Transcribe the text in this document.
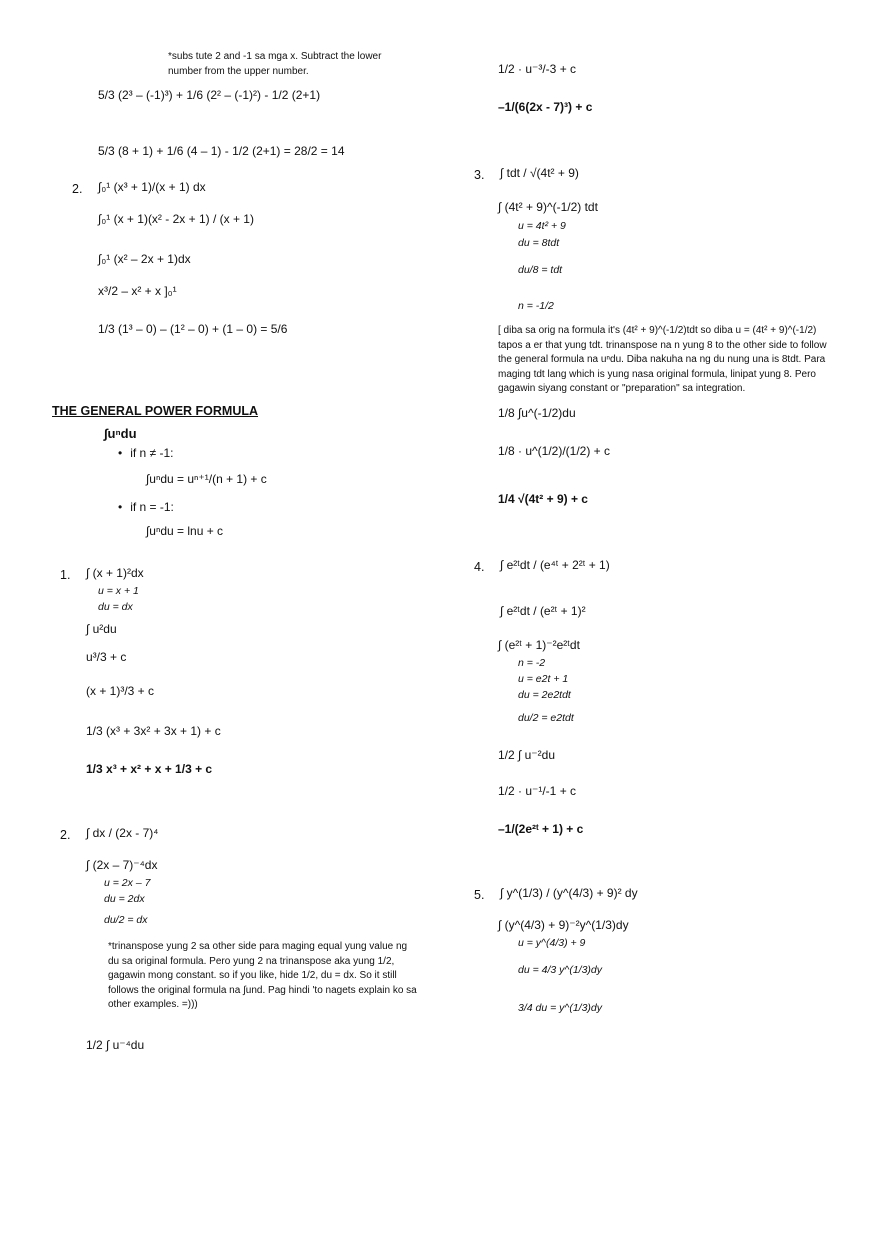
*subs tute 2 and -1 sa mga x. Subtract the lower number from the upper number.
5/3 (2³ – (-1)³) + 1/6 (2² – (-1)²) - 1/2 (2+1)
5/3 (8 + 1) + 1/6 (4 – 1) - 1/2 (2+1) = 28/2 = 14
2. ∫₀¹ (x³ + 1)/(x + 1) dx
∫₀¹ (x + 1)(x² - 2x + 1) / (x + 1)
∫₀¹ (x² – 2x + 1)dx
x³/2 – x² + x ]₀¹
1/3 (1³ – 0) – (1² – 0) + (1 – 0) = 5/6
THE GENERAL POWER FORMULA
∫uⁿdu
• if n ≠ -1:
∫uⁿdu = uⁿ⁺¹/(n + 1) + c
• if n = -1:
∫uⁿdu = lnu + c
1. ∫ (x + 1)²dx
u = x + 1
du = dx
∫ u²du
u³/3 + c
(x + 1)³/3 + c
1/3 (x³ + 3x² + 3x + 1) + c
1/3 x³ + x² + x + 1/3 + c
2. ∫ dx / (2x - 7)⁴
∫ (2x – 7)⁻⁴dx
u = 2x – 7
du = 2dx
du/2 = dx
*trinanspose yung 2 sa other side para maging equal yung value ng du sa original formula. Pero yung 2 na trinanspose aka yung 1/2, gagawin mong constant. so if you like, hide 1/2, du = dx. So it still follows the original formula na ∫und. Pag hindi 'to nagets explain ko sa other examples. =)))
1/2 ∫ u⁻⁴du
1/2 · u⁻³/-3 + c
–1/(6(2x - 7)³) + c
3. ∫ tdt / √(4t² + 9)
∫ (4t² + 9)^(-1/2) tdt
u = 4t² + 9
du = 8tdt
du/8 = tdt
n = -1/2
[ diba sa orig na formula it's (4t² + 9)^(-1/2)tdt so diba u = (4t² + 9)^(-1/2) tapos a er that yung tdt. trinanspose na n yung 8 to the other side to follow the general formula na uⁿdu. Diba nakuha na ng du nung una is 8tdt. Para maging tdt lang which is yung nasa original formula, linipat yung 8. Pero gagawin siyang constant or "preparation" sa integration.
1/8 ∫u^(-1/2)du
1/8 · u^(1/2)/(1/2) + c
1/4 √(4t² + 9) + c
4. ∫ e²ᵗdt / (e⁴ᵗ + 2²ᵗ + 1)
∫ e²ᵗdt / (e²ᵗ + 1)²
∫ (e²ᵗ + 1)⁻²e²ᵗdt
n = -2
u = e2t + 1
du = 2e2tdt
du/2 = e2tdt
1/2 ∫ u⁻²du
1/2 · u⁻¹/-1 + c
–1/(2e²ᵗ + 1) + c
5. ∫ y^(1/3) / (y^(4/3) + 9)² dy
∫ (y^(4/3) + 9)⁻²y^(1/3)dy
u = y^(4/3) + 9
du = 4/3 y^(1/3)dy
3/4 du = y^(1/3)dy
